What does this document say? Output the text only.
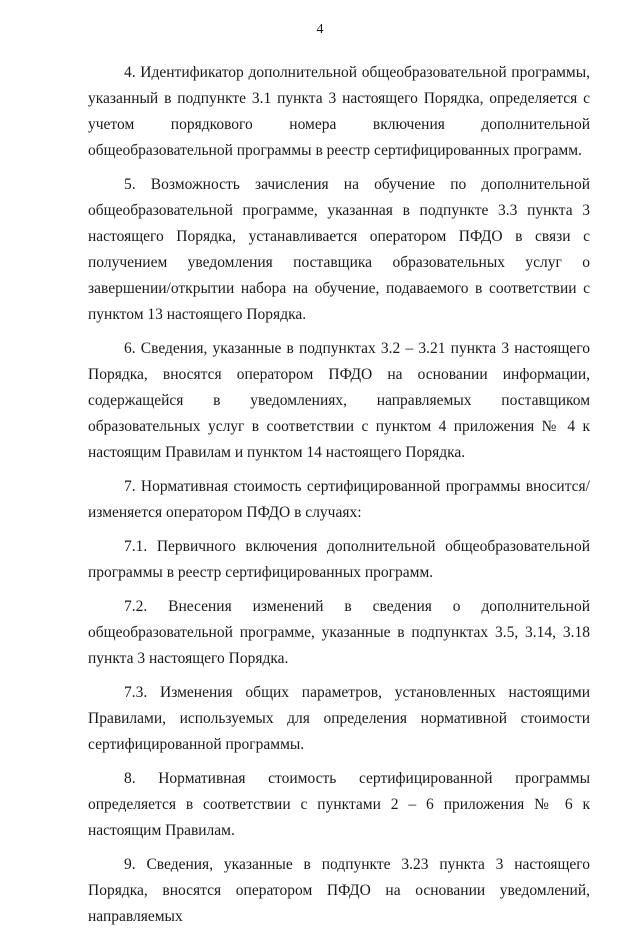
4

4. Идентификатор дополнительной общеобразовательной программы, указанный в подпункте 3.1 пункта 3 настоящего Порядка, определяется с учетом порядкового номера включения дополнительной общеобразовательной программы в реестр сертифицированных программ.

5. Возможность зачисления на обучение по дополнительной общеобразовательной программе, указанная в подпункте 3.3 пункта 3 настоящего Порядка, устанавливается оператором ПФДО в связи с получением уведомления поставщика образовательных услуг о завершении/открытии набора на обучение, подаваемого в соответствии с пунктом 13 настоящего Порядка.

6. Сведения, указанные в подпунктах 3.2 – 3.21 пункта 3 настоящего Порядка, вносятся оператором ПФДО на основании информации, содержащейся в уведомлениях, направляемых поставщиком образовательных услуг в соответствии с пунктом 4 приложения № 4 к настоящим Правилам и пунктом 14 настоящего Порядка.

7. Нормативная стоимость сертифицированной программы вносится/изменяется оператором ПФДО в случаях:

7.1. Первичного включения дополнительной общеобразовательной программы в реестр сертифицированных программ.

7.2. Внесения изменений в сведения о дополнительной общеобразовательной программе, указанные в подпунктах 3.5, 3.14, 3.18 пункта 3 настоящего Порядка.

7.3. Изменения общих параметров, установленных настоящими Правилами, используемых для определения нормативной стоимости сертифицированной программы.

8. Нормативная стоимость сертифицированной программы определяется в соответствии с пунктами 2 – 6 приложения № 6 к настоящим Правилам.

9. Сведения, указанные в подпункте 3.23 пункта 3 настоящего Порядка, вносятся оператором ПФДО на основании уведомлений, направляемых
